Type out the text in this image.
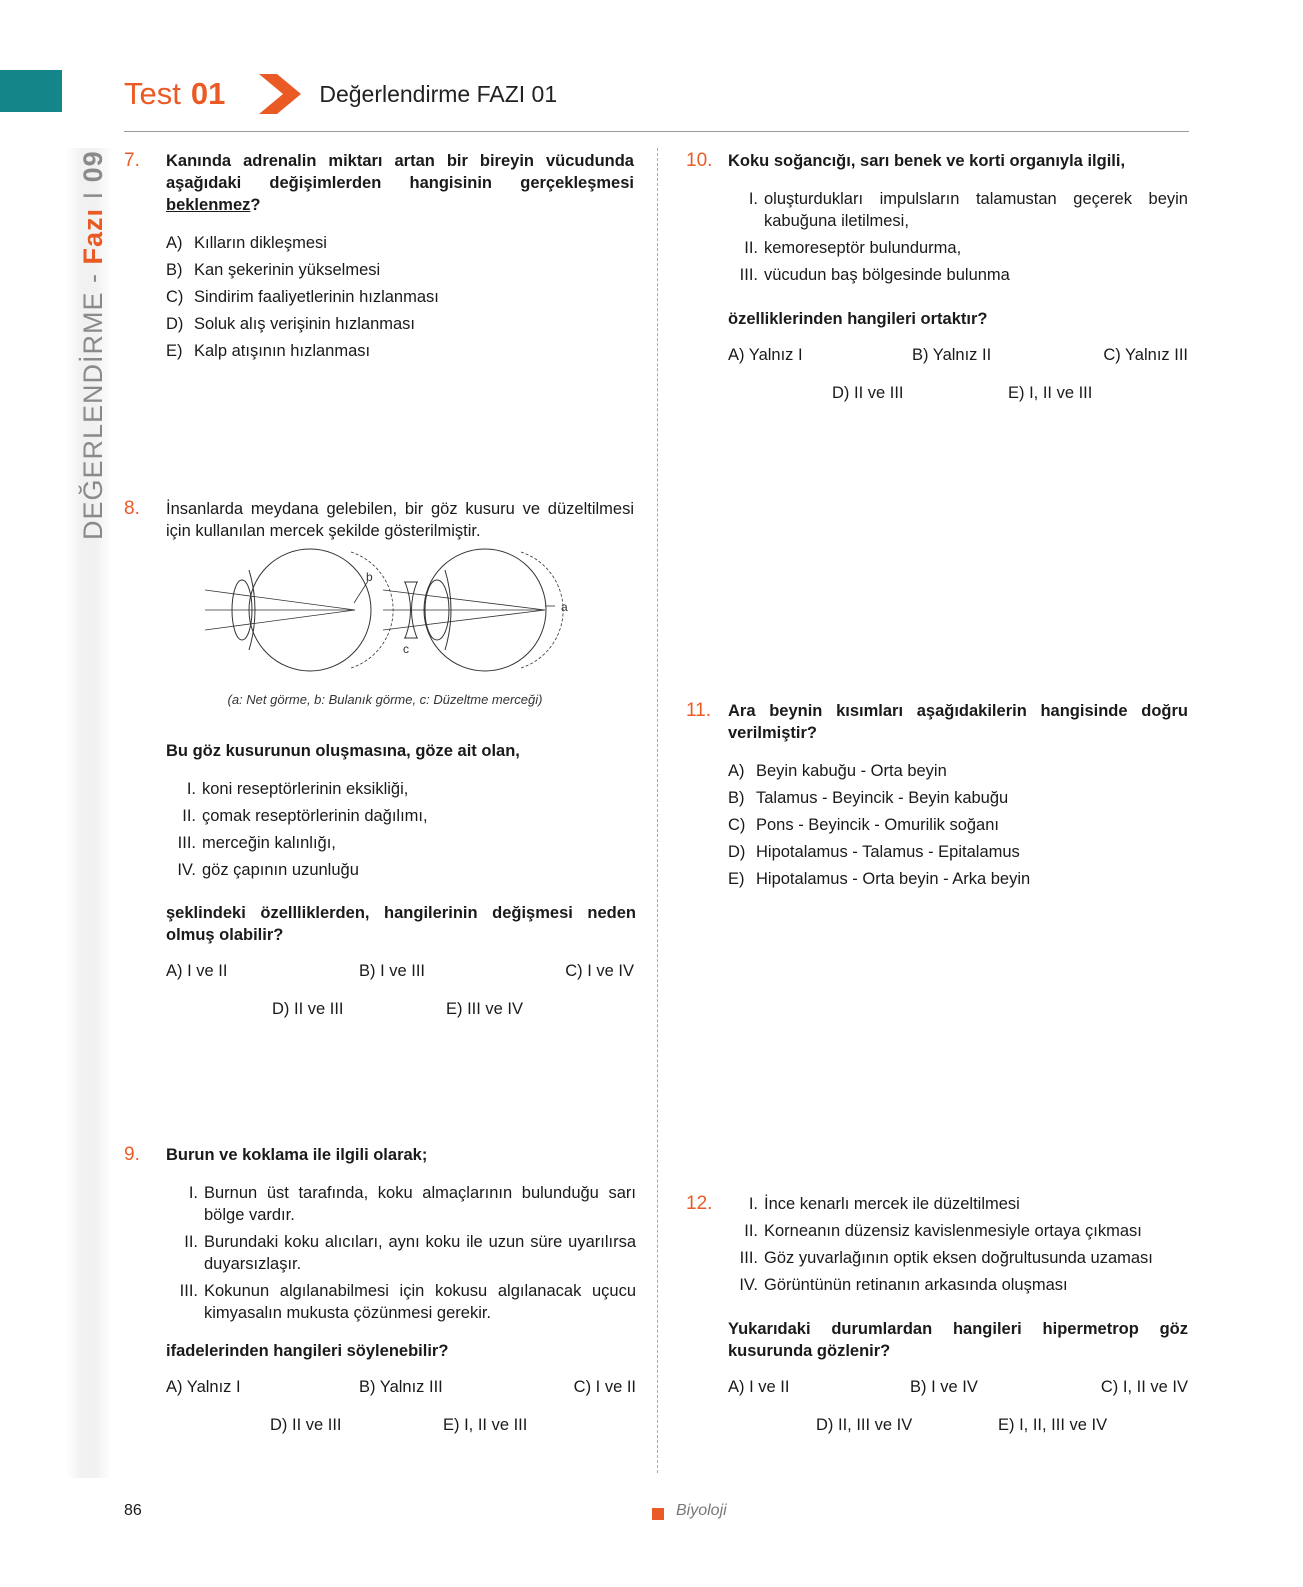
Test 01	Değerlendirme FAZI 01
DEĞERLENDİRME - Fazı I 09 7. Kanında adrenalin miktarı artan bir bireyin vücudunda aşağıdaki değişimlerden hangisinin gerçekleşmesi beklenmez?

A) Kılların dikleşmesi
B) Kan şekerinin yükselmesi
C) Sindirim faaliyetlerinin hızlanması
D) Soluk alış verişinin hızlanması
E) Kalp atışının hızlanması
8. İnsanlarda meydana gelebilen, bir göz kusuru ve düzeltilmesi için kullanılan mercek şekilde gösterilmiştir.

b
a
c
(a: Net görme, b: Bulanık görme, c: Düzeltme merceği)

Bu göz kusurunun oluşmasına, göze ait olan,

I. koni reseptörlerinin eksikliği,
II. çomak reseptörlerinin dağılımı,
III. merceğin kalınlığı,
IV. göz çapının uzunluğu

şeklindeki özellliklerden, hangilerinin değişmesi neden olmuş olabilir?

A) I ve II	B) I ve III	C) I ve IV
D) II ve III	E) III ve IV
9. Burun ve koklama ile ilgili olarak;

I. Burnun üst tarafında, koku almaçlarının bulunduğu sarı bölge vardır.
II. Burundaki koku alıcıları, aynı koku ile uzun süre uyarılırsa duyarsızlaşır.
III. Kokunun algılanabilmesi için kokusu algılanacak uçucu kimyasalın mukusta çözünmesi gerekir.

ifadelerinden hangileri söylenebilir?

A) Yalnız I	B) Yalnız III	C) I ve II
D) II ve III	E) I, II ve III
10. Koku soğancığı, sarı benek ve korti organıyla ilgili,

I. oluşturdukları impulsların talamustan geçerek beyin kabuğuna iletilmesi,
II. kemoreseptör bulundurma,
III. vücudun baş bölgesinde bulunma

özelliklerinden hangileri ortaktır?

A) Yalnız I	B) Yalnız II	C) Yalnız III
D) II ve III	E) I, II ve III
11. Ara beynin kısımları aşağıdakilerin hangisinde doğru verilmiştir?

A) Beyin kabuğu - Orta beyin
B) Talamus - Beyincik - Beyin kabuğu
C) Pons - Beyincik - Omurilik soğanı
D) Hipotalamus - Talamus - Epitalamus
E) Hipotalamus - Orta beyin - Arka beyin
12.	I. İnce kenarlı mercek ile düzeltilmesi
II. Korneanın düzensiz kavislenmesiyle ortaya çıkması
III. Göz yuvarlağının optik eksen doğrultusunda uzaması
IV. Görüntünün retinanın arkasında oluşması

Yukarıdaki durumlardan hangileri hipermetrop göz kusurunda gözlenir?

A) I ve II	B) I ve IV	C) I, II ve IV
D) II, III ve IV	E) I, II, III ve IV
86	Biyoloji
